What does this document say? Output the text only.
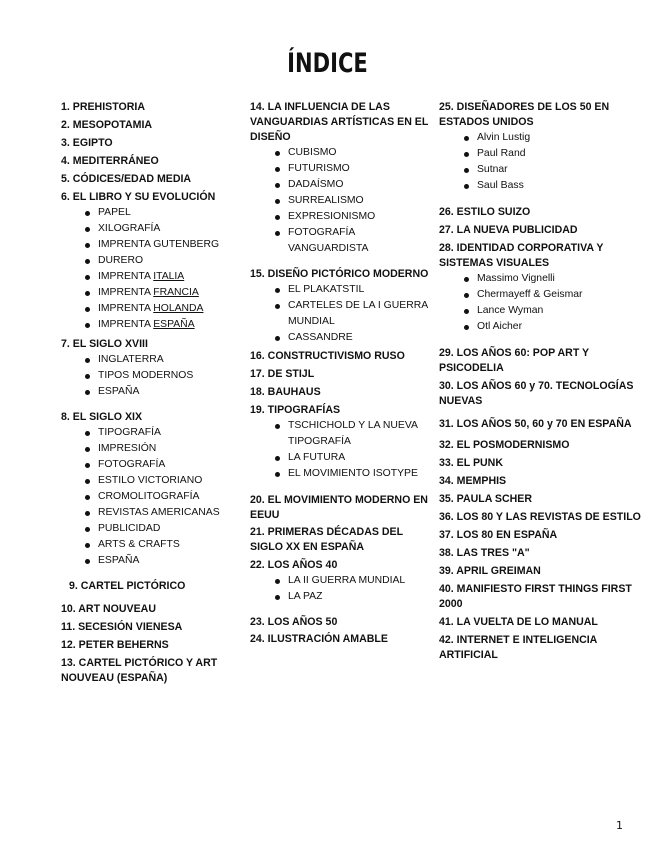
ÍNDICE
1. PREHISTORIA
2. MESOPOTAMIA
3. EGIPTO
4. MEDITERRÁNEO
5. CÓDICES/EDAD MEDIA
6. EL LIBRO Y SU EVOLUCIÓN
PAPEL
XILOGRAFÍA
IMPRENTA GUTENBERG
DURERO
IMPRENTA ITALIA
IMPRENTA FRANCIA
IMPRENTA HOLANDA
IMPRENTA ESPAÑA
7. EL SIGLO XVIII
INGLATERRA
TIPOS MODERNOS
ESPAÑA
8. EL SIGLO XIX
TIPOGRAFÍA
IMPRESIÓN
FOTOGRAFÍA
ESTILO VICTORIANO
CROMOLITOGRAFÍA
REVISTAS AMERICANAS
PUBLICIDAD
ARTS & CRAFTS
ESPAÑA
9. CARTEL PICTÓRICO
10. ART NOUVEAU
11. SECESIÓN VIENESA
12. PETER BEHERNS
13. CARTEL PICTÓRICO Y ART NOUVEAU (ESPAÑA)
14. LA INFLUENCIA DE LAS VANGUARDIAS ARTÍSTICAS EN EL DISEÑO
CUBISMO
FUTURISMO
DADAÍSMO
SURREALISMO
EXPRESIONISMO
FOTOGRAFÍA VANGUARDISTA
15. DISEÑO PICTÓRICO MODERNO
EL PLAKATSTIL
CARTELES DE LA I GUERRA MUNDIAL
CASSANDRE
16. CONSTRUCTIVISMO RUSO
17. DE STIJL
18. BAUHAUS
19. TIPOGRAFÍAS
TSCHICHOLD Y LA NUEVA TIPOGRAFÍA
LA FUTURA
EL MOVIMIENTO ISOTYPE
20. EL MOVIMIENTO MODERNO EN EEUU
21. PRIMERAS DÉCADAS DEL SIGLO XX EN ESPAÑA
22. LOS AÑOS 40
LA II GUERRA MUNDIAL
LA PAZ
23. LOS AÑOS 50
24. ILUSTRACIÓN AMABLE
25. DISEÑADORES DE LOS 50 EN ESTADOS UNIDOS
Alvin Lustig
Paul Rand
Sutnar
Saul Bass
26. ESTILO SUIZO
27. LA NUEVA PUBLICIDAD
28. IDENTIDAD CORPORATIVA Y SISTEMAS VISUALES
Massimo Vignelli
Chermayeff & Geismar
Lance Wyman
Otl Aicher
29. LOS AÑOS 60: POP ART Y PSICODELIA
30. LOS AÑOS 60 y 70. TECNOLOGÍAS NUEVAS
31. LOS AÑOS 50, 60 y 70 EN ESPAÑA
32. EL POSMODERNISMO
33. EL PUNK
34. MEMPHIS
35. PAULA SCHER
36. LOS 80 Y LAS REVISTAS DE ESTILO
37. LOS 80 EN ESPAÑA
38. LAS TRES "A"
39. APRIL GREIMAN
40. MANIFIESTO FIRST THINGS FIRST 2000
41. LA VUELTA DE LO MANUAL
42. INTERNET E INTELIGENCIA ARTIFICIAL
1
